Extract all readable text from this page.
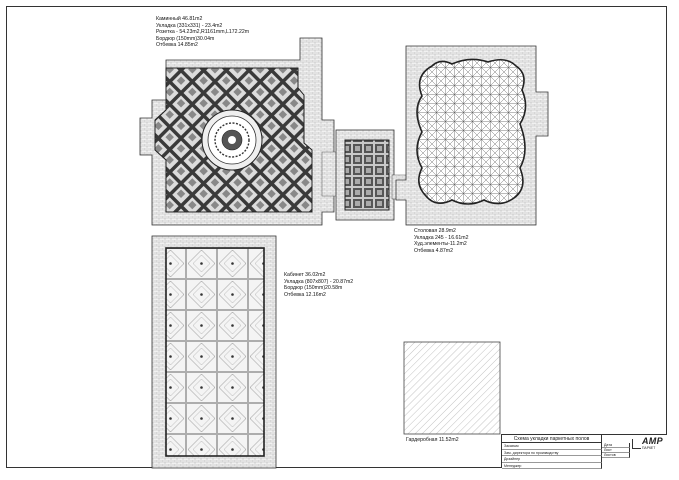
Каминный 46.81m2
Укладка (331x331) - 23.4m2
Розетка - 54.23m2,R1161mm,L172.22m
Бордюр (150mm)30.04m
Отбевка 14.85m2
Столовая 28.9m2
Укладка 245 - 16.61m2
Худ.элементы-11.2m2
Отбевка 4.87m2
Кабинет 36.02m2
Укладка (807x807) - 20.87m2
Бордюр (150mm)20.58m
Отбевка 12.16m2
Гардеробная 11.52m2	Схема укладки паркетных полов
Заказчик
Зам. директора по производству
Дизайнер
Менеджер
Дата
Лист
Листов
AMP
ПАРКЕТ
